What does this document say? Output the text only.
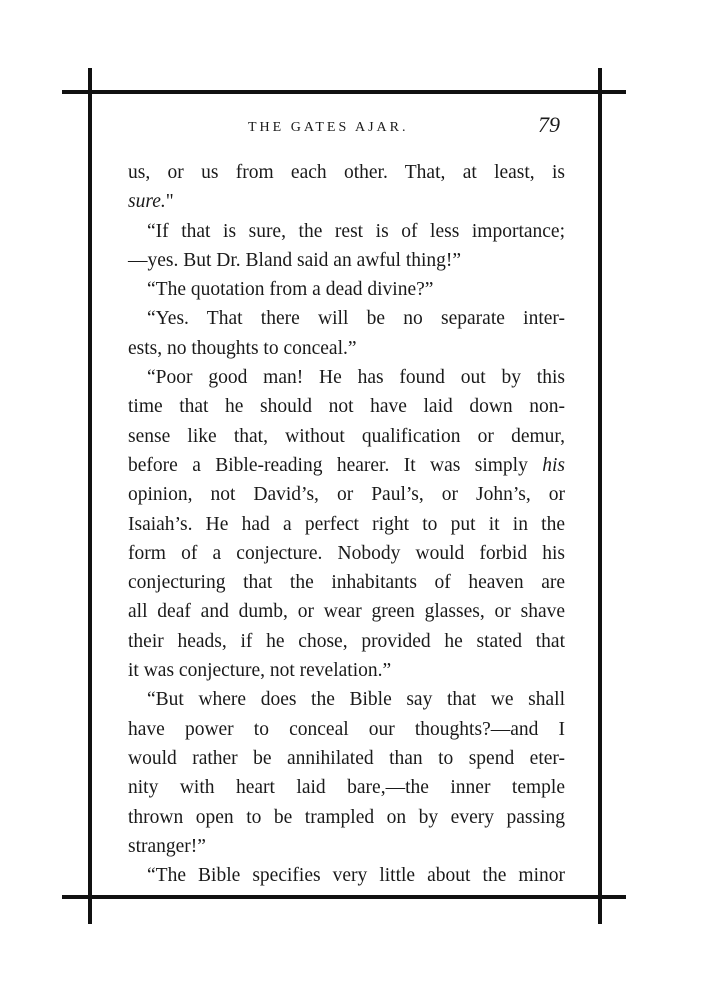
THE GATES AJAR.	79
us, or us from each other. That, at least, is
sure."
“If that is sure, the rest is of less importance;
—yes. But Dr. Bland said an awful thing!”
“The quotation from a dead divine?”
“Yes. That there will be no separate inter-
ests, no thoughts to conceal.”
“Poor good man! He has found out by this
time that he should not have laid down non-
sense like that, without qualification or demur,
before a Bible-reading hearer. It was simply his
opinion, not David’s, or Paul’s, or John’s, or
Isaiah’s. He had a perfect right to put it in the
form of a conjecture. Nobody would forbid his
conjecturing that the inhabitants of heaven are
all deaf and dumb, or wear green glasses, or shave
their heads, if he chose, provided he stated that
it was conjecture, not revelation.”
“But where does the Bible say that we shall
have power to conceal our thoughts?—and I
would rather be annihilated than to spend eter-
nity with heart laid bare,—the inner temple
thrown open to be trampled on by every passing
stranger!”
“The Bible specifies very little about the minor
